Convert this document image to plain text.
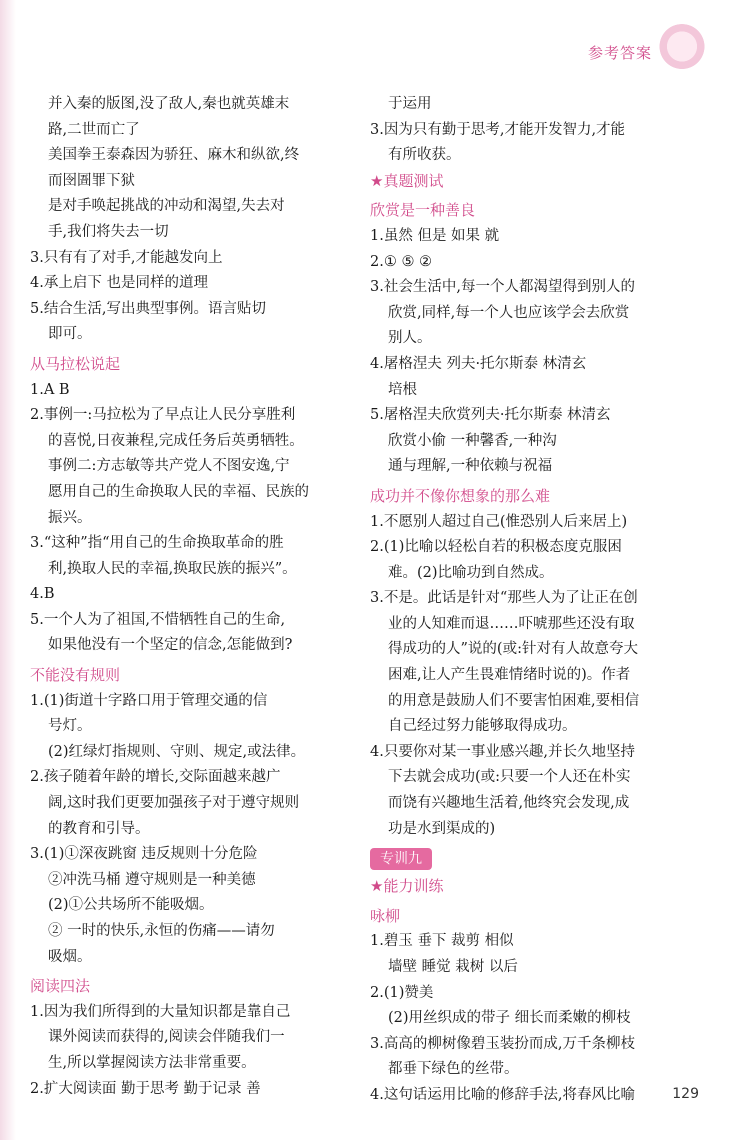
参考答案
并入秦的版图,没了敌人,秦也就英雄末
路,二世而亡了
美国拳王泰森因为骄狂、麻木和纵欲,终
而囹圄罪下狱
是对手唤起挑战的冲动和渴望,失去对
手,我们将失去一切
3.只有有了对手,才能越发向上
4.承上启下 也是同样的道理
5.结合生活,写出典型事例。语言贴切
即可。
从马拉松说起
1.A B
2.事例一:马拉松为了早点让人民分享胜利
的喜悦,日夜兼程,完成任务后英勇牺牲。
事例二:方志敏等共产党人不图安逸,宁
愿用自己的生命换取人民的幸福、民族的
振兴。
3.“这种”指“用自己的生命换取革命的胜
利,换取人民的幸福,换取民族的振兴”。
4.B
5.一个人为了祖国,不惜牺牲自己的生命,
如果他没有一个坚定的信念,怎能做到?
不能没有规则
1.(1)街道十字路口用于管理交通的信
号灯。
(2)红绿灯指规则、守则、规定,或法律。
2.孩子随着年龄的增长,交际面越来越广
阔,这时我们更要加强孩子对于遵守规则
的教育和引导。
3.(1)①深夜跳窗 违反规则十分危险
②冲洗马桶 遵守规则是一种美德
(2)①公共场所不能吸烟。
② 一时的快乐,永恒的伤痛——请勿
吸烟。
阅读四法
1.因为我们所得到的大量知识都是靠自己
课外阅读而获得的,阅读会伴随我们一
生,所以掌握阅读方法非常重要。
2.扩大阅读面 勤于思考 勤于记录 善
于运用
3.因为只有勤于思考,才能开发智力,才能
有所收获。
★真题测试
欣赏是一种善良
1.虽然 但是 如果 就
2.① ⑤ ②
3.社会生活中,每一个人都渴望得到别人的
欣赏,同样,每一个人也应该学会去欣赏
别人。
4.屠格涅夫 列夫·托尔斯泰 林清玄
培根
5.屠格涅夫欣赏列夫·托尔斯泰 林清玄
欣赏小偷 一种馨香,一种沟
通与理解,一种依赖与祝福
成功并不像你想象的那么难
1.不愿别人超过自己(惟恐别人后来居上)
2.(1)比喻以轻松自若的积极态度克服困
难。(2)比喻功到自然成。
3.不是。此话是针对“那些人为了让正在创
业的人知难而退……吓唬那些还没有取
得成功的人”说的(或:针对有人故意夸大
困难,让人产生畏难情绪时说的)。作者
的用意是鼓励人们不要害怕困难,要相信
自己经过努力能够取得成功。
4.只要你对某一事业感兴趣,并长久地坚持
下去就会成功(或:只要一个人还在朴实
而饶有兴趣地生活着,他终究会发现,成
功是水到渠成的)
专训九
★能力训练
咏柳
1.碧玉 垂下 裁剪 相似
墙壁 睡觉 栽树 以后
2.(1)赞美
(2)用丝织成的带子 细长而柔嫩的柳枝
3.高高的柳树像碧玉装扮而成,万千条柳枝
都垂下绿色的丝带。
4.这句话运用比喻的修辞手法,将春风比喻	129
